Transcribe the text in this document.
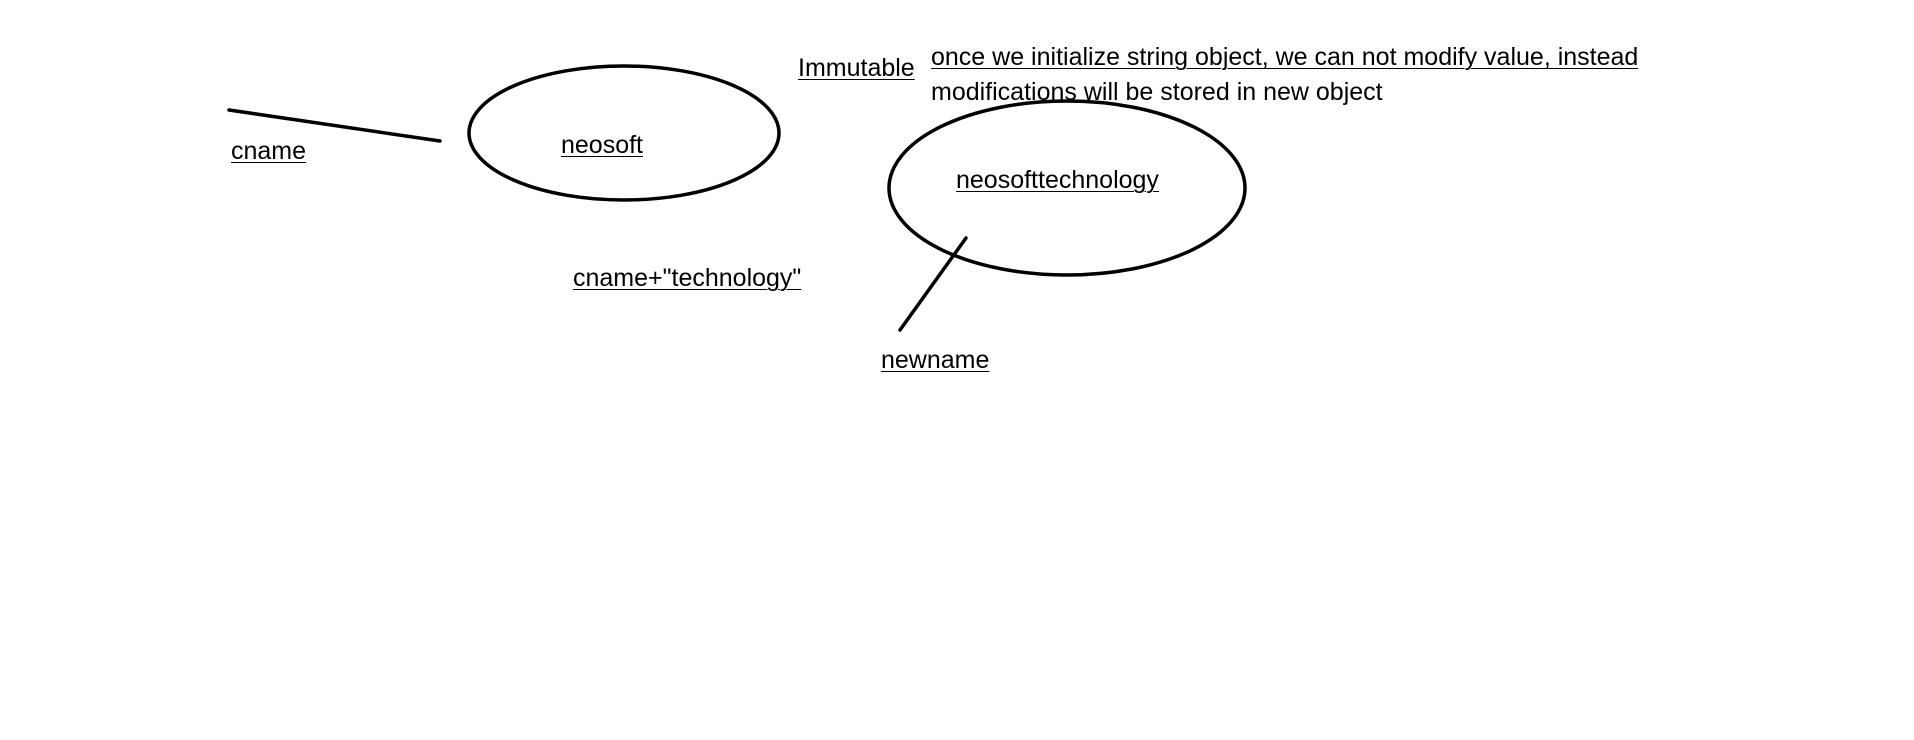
cname	neosoft
Immutable once we initialize string object, we can not modify value, instead
modifications will be stored in new object
neosofttechnology
cname+"technology"
newname
